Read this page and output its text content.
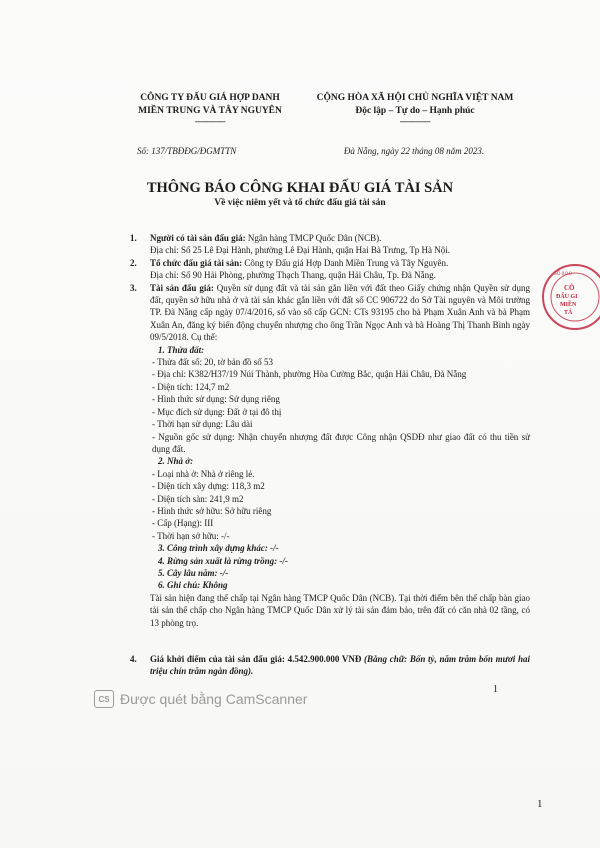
CÔNG TY ĐẤU GIÁ HỢP DANH
MIỀN TRUNG VÀ TÂY NGUYÊN
--------------
CỘNG HÒA XÃ HỘI CHỦ NGHĨA VIỆT NAM
Độc lập – Tự do – Hạnh phúc
--------------
Số: 137/TBĐĐG/ĐGMTTN	Đà Nẵng, ngày 22 tháng 08 năm 2023.
THÔNG BÁO CÔNG KHAI ĐẤU GIÁ TÀI SẢN
Về việc niêm yết và tổ chức đấu giá tài sản
1. Người có tài sản đấu giá: Ngân hàng TMCP Quốc Dân (NCB).
Địa chỉ: Số 25 Lê Đại Hành, phường Lê Đại Hành, quận Hai Bà Trưng, Tp Hà Nội.
2. Tổ chức đấu giá tài sản: Công ty Đấu giá Hợp Danh Miền Trung và Tây Nguyên.
Địa chỉ: Số 90 Hải Phòng, phường Thạch Thang, quận Hải Châu, Tp. Đà Nẵng.
3. Tài sản đấu giá: Quyền sử dụng đất và tài sản gắn liền với đất theo Giấy chứng nhận Quyền sử dụng đất, quyền sở hữu nhà ở và tài sản khác gắn liền với đất số CC 906722 do Sở Tài nguyên và Môi trường TP. Đà Nẵng cấp ngày 07/4/2016, số vào sổ cấp GCN: CTs 93195 cho bà Phạm Xuân Anh và bà Phạm Xuân An, đăng ký biến động chuyển nhượng cho ông Trần Ngọc Anh và bà Hoàng Thị Thanh Bình ngày 09/5/2018. Cụ thể:
1. Thửa đất:
- Thửa đất số: 20, tờ bản đồ số 53
- Địa chỉ: K382/H37/19 Núi Thành, phường Hòa Cường Bắc, quận Hải Châu, Đà Nẵng
- Diện tích: 124,7 m2
- Hình thức sử dụng: Sử dụng riêng
- Mục đích sử dụng: Đất ở tại đô thị
- Thời hạn sử dụng: Lâu dài
- Nguồn gốc sử dụng: Nhận chuyển nhượng đất được Công nhận QSDĐ như giao đất có thu tiền sử dụng đất.
2. Nhà ở:
- Loại nhà ở: Nhà ở riêng lẻ.
- Diện tích xây dựng: 118,3 m2
- Diện tích sàn: 241,9 m2
- Hình thức sở hữu: Sở hữu riêng
- Cấp (Hạng): III
- Thời hạn sở hữu: -/-
3. Công trình xây dựng khác: -/-
4. Rừng sản xuất là rừng trồng: -/-
5. Cây lâu năm: -/-
6. Ghi chú: Không
Tài sản hiện đang thế chấp tại Ngân hàng TMCP Quốc Dân (NCB). Tại thời điểm bên thế chấp bàn giao tài sản thế chấp cho Ngân hàng TMCP Quốc Dân xử lý tài sản đảm bảo, trên đất có căn nhà 02 tầng, có 13 phòng trọ.
4. Giá khởi điểm của tài sản đấu giá: 4.542.900.000 VNĐ (Bằng chữ: Bốn tỷ, năm trăm bốn mươi hai triệu chín trăm ngàn đồng).
1
CS Được quét bằng CamScanner
SỐ 0.0.0
CÔ
ĐẤU GI
MIỀN
TÂ
1
